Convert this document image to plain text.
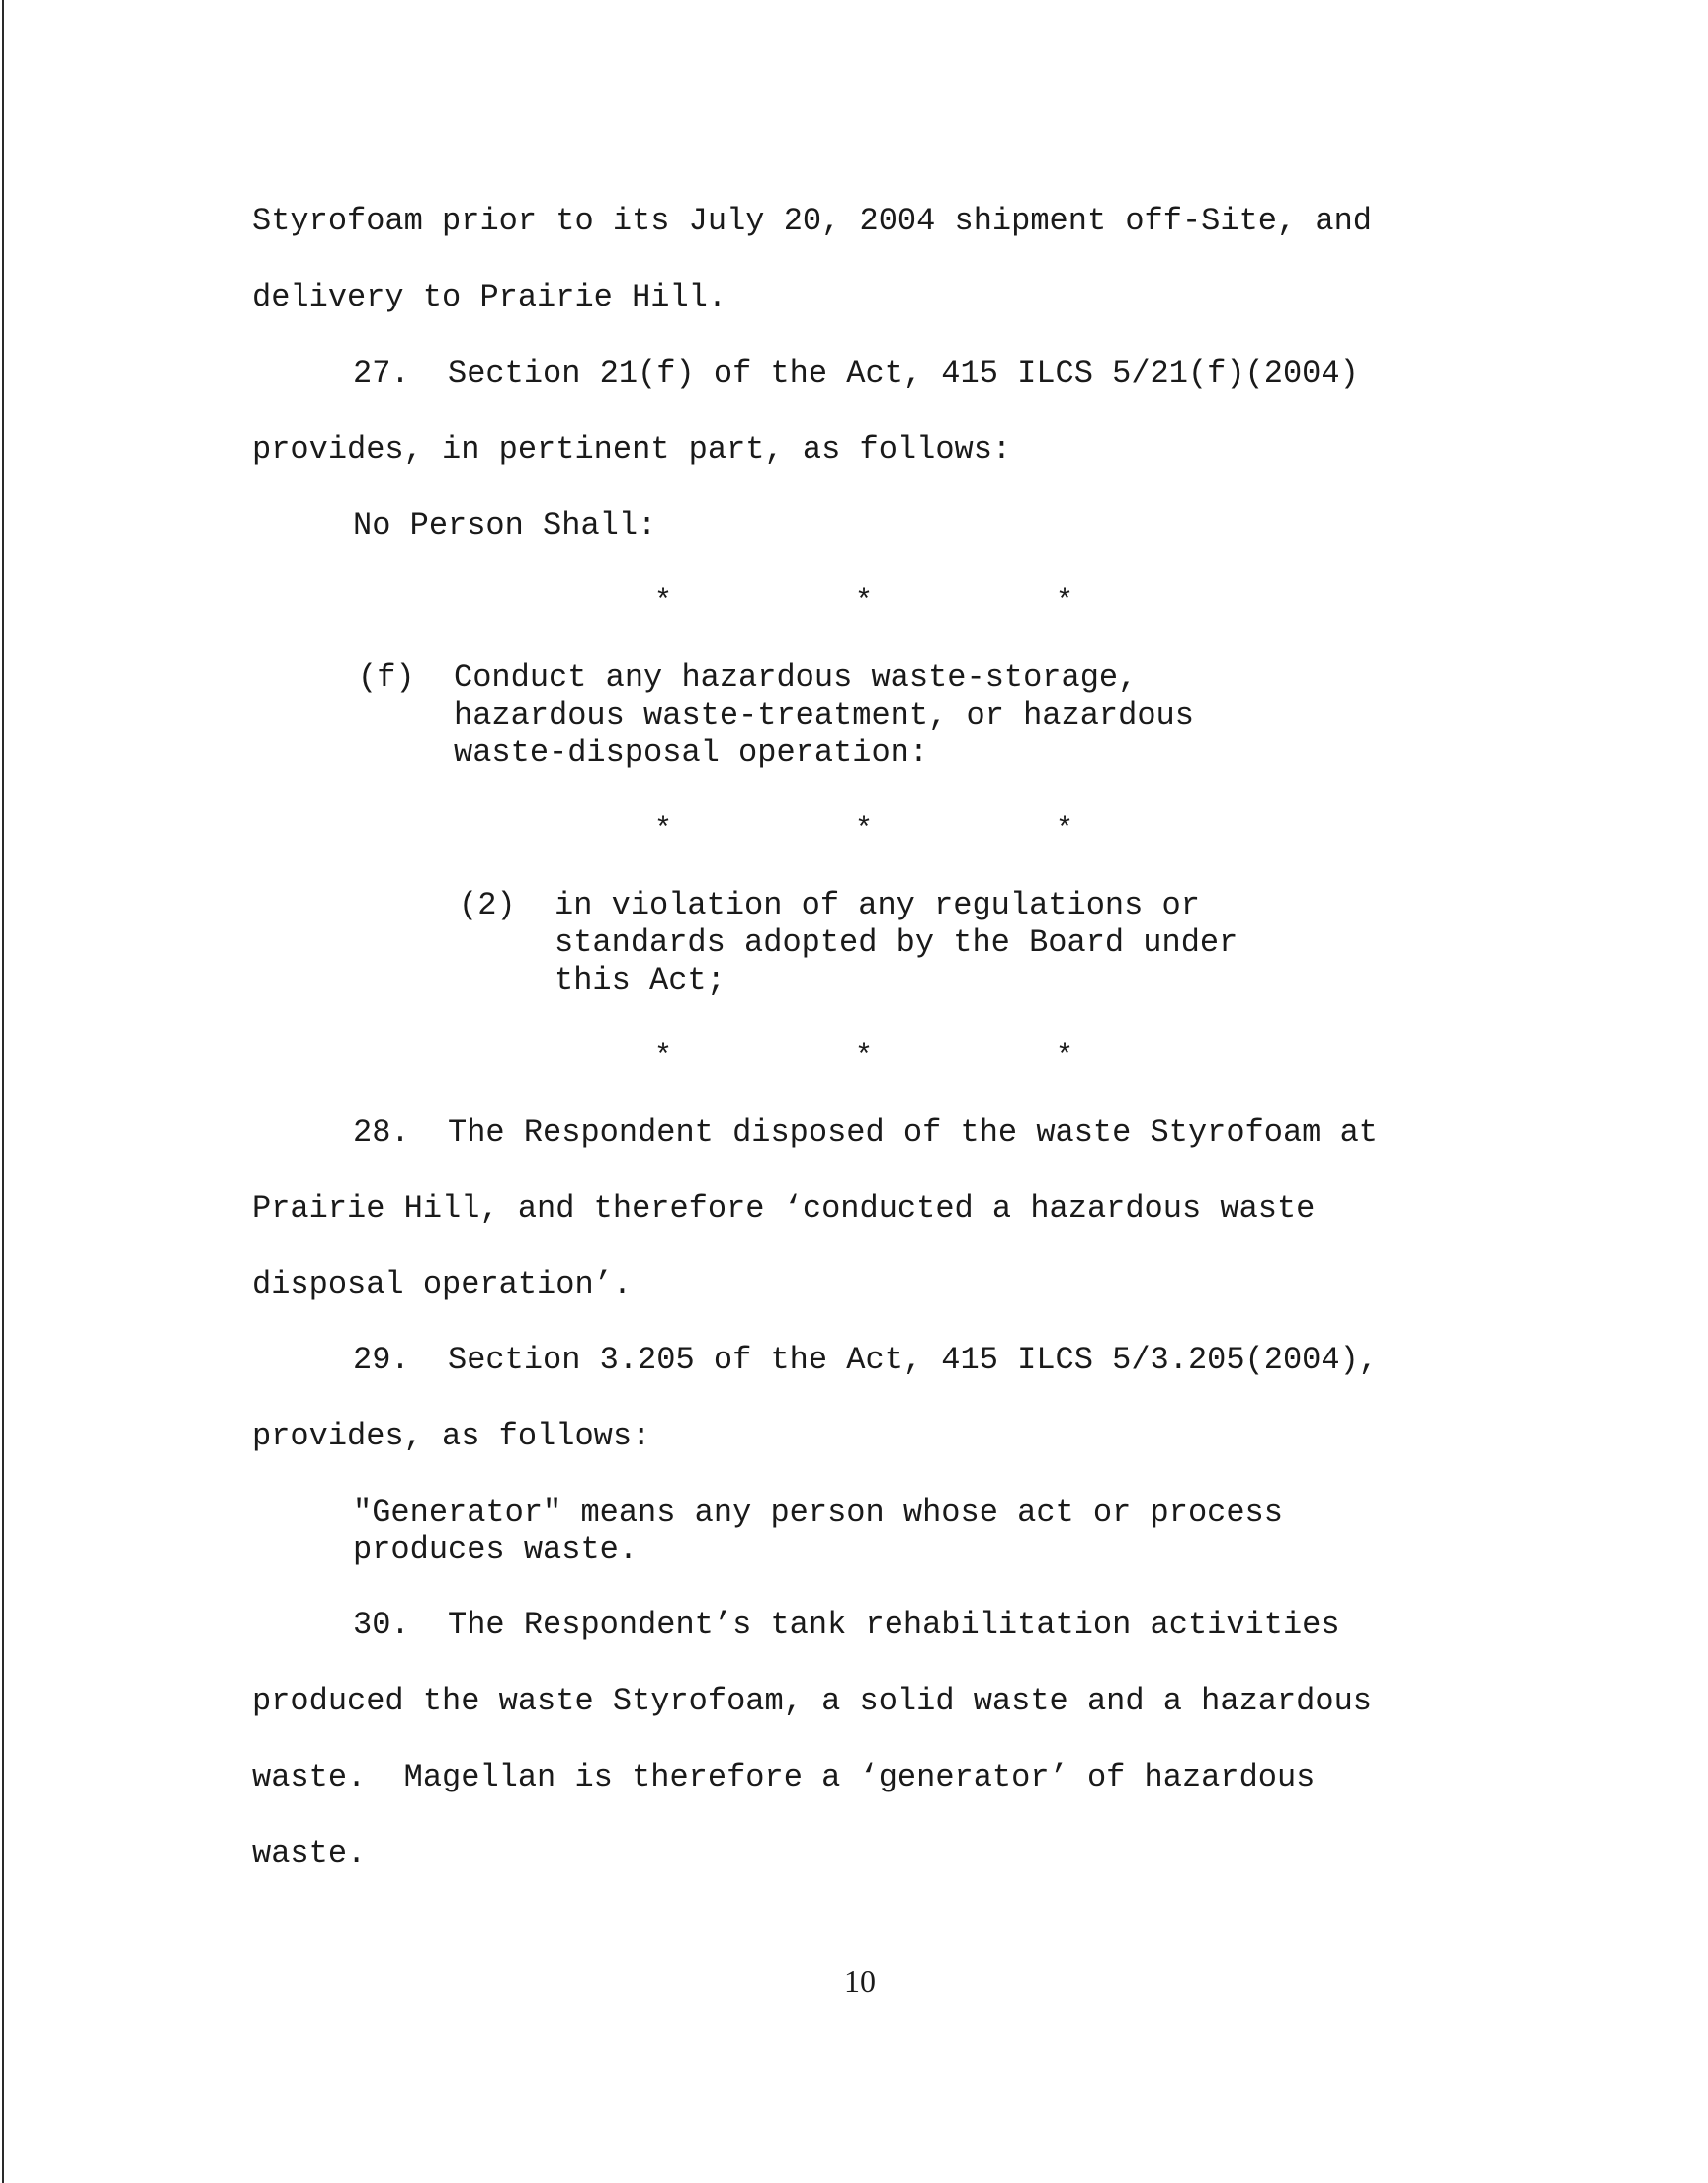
Styrofoam prior to its July 20, 2004 shipment off-Site, and
delivery to Prairie Hill.
27.  Section 21(f) of the Act, 415 ILCS 5/21(f)(2004)
provides, in pertinent part, as follows:
No Person Shall:
*	*	*
(f) Conduct any hazardous waste-storage,
hazardous waste-treatment, or hazardous
waste-disposal operation:
*	*	*
(2) in violation of any regulations or
standards adopted by the Board under
this Act;
*	*	*
28.  The Respondent disposed of the waste Styrofoam at
Prairie Hill, and therefore ‘conducted a hazardous waste
disposal operation’.
29.  Section 3.205 of the Act, 415 ILCS 5/3.205(2004),
provides, as follows:
"Generator" means any person whose act or process
produces waste.
30.  The Respondent’s tank rehabilitation activities
produced the waste Styrofoam, a solid waste and a hazardous
waste.  Magellan is therefore a ‘generator’ of hazardous
waste.
10
